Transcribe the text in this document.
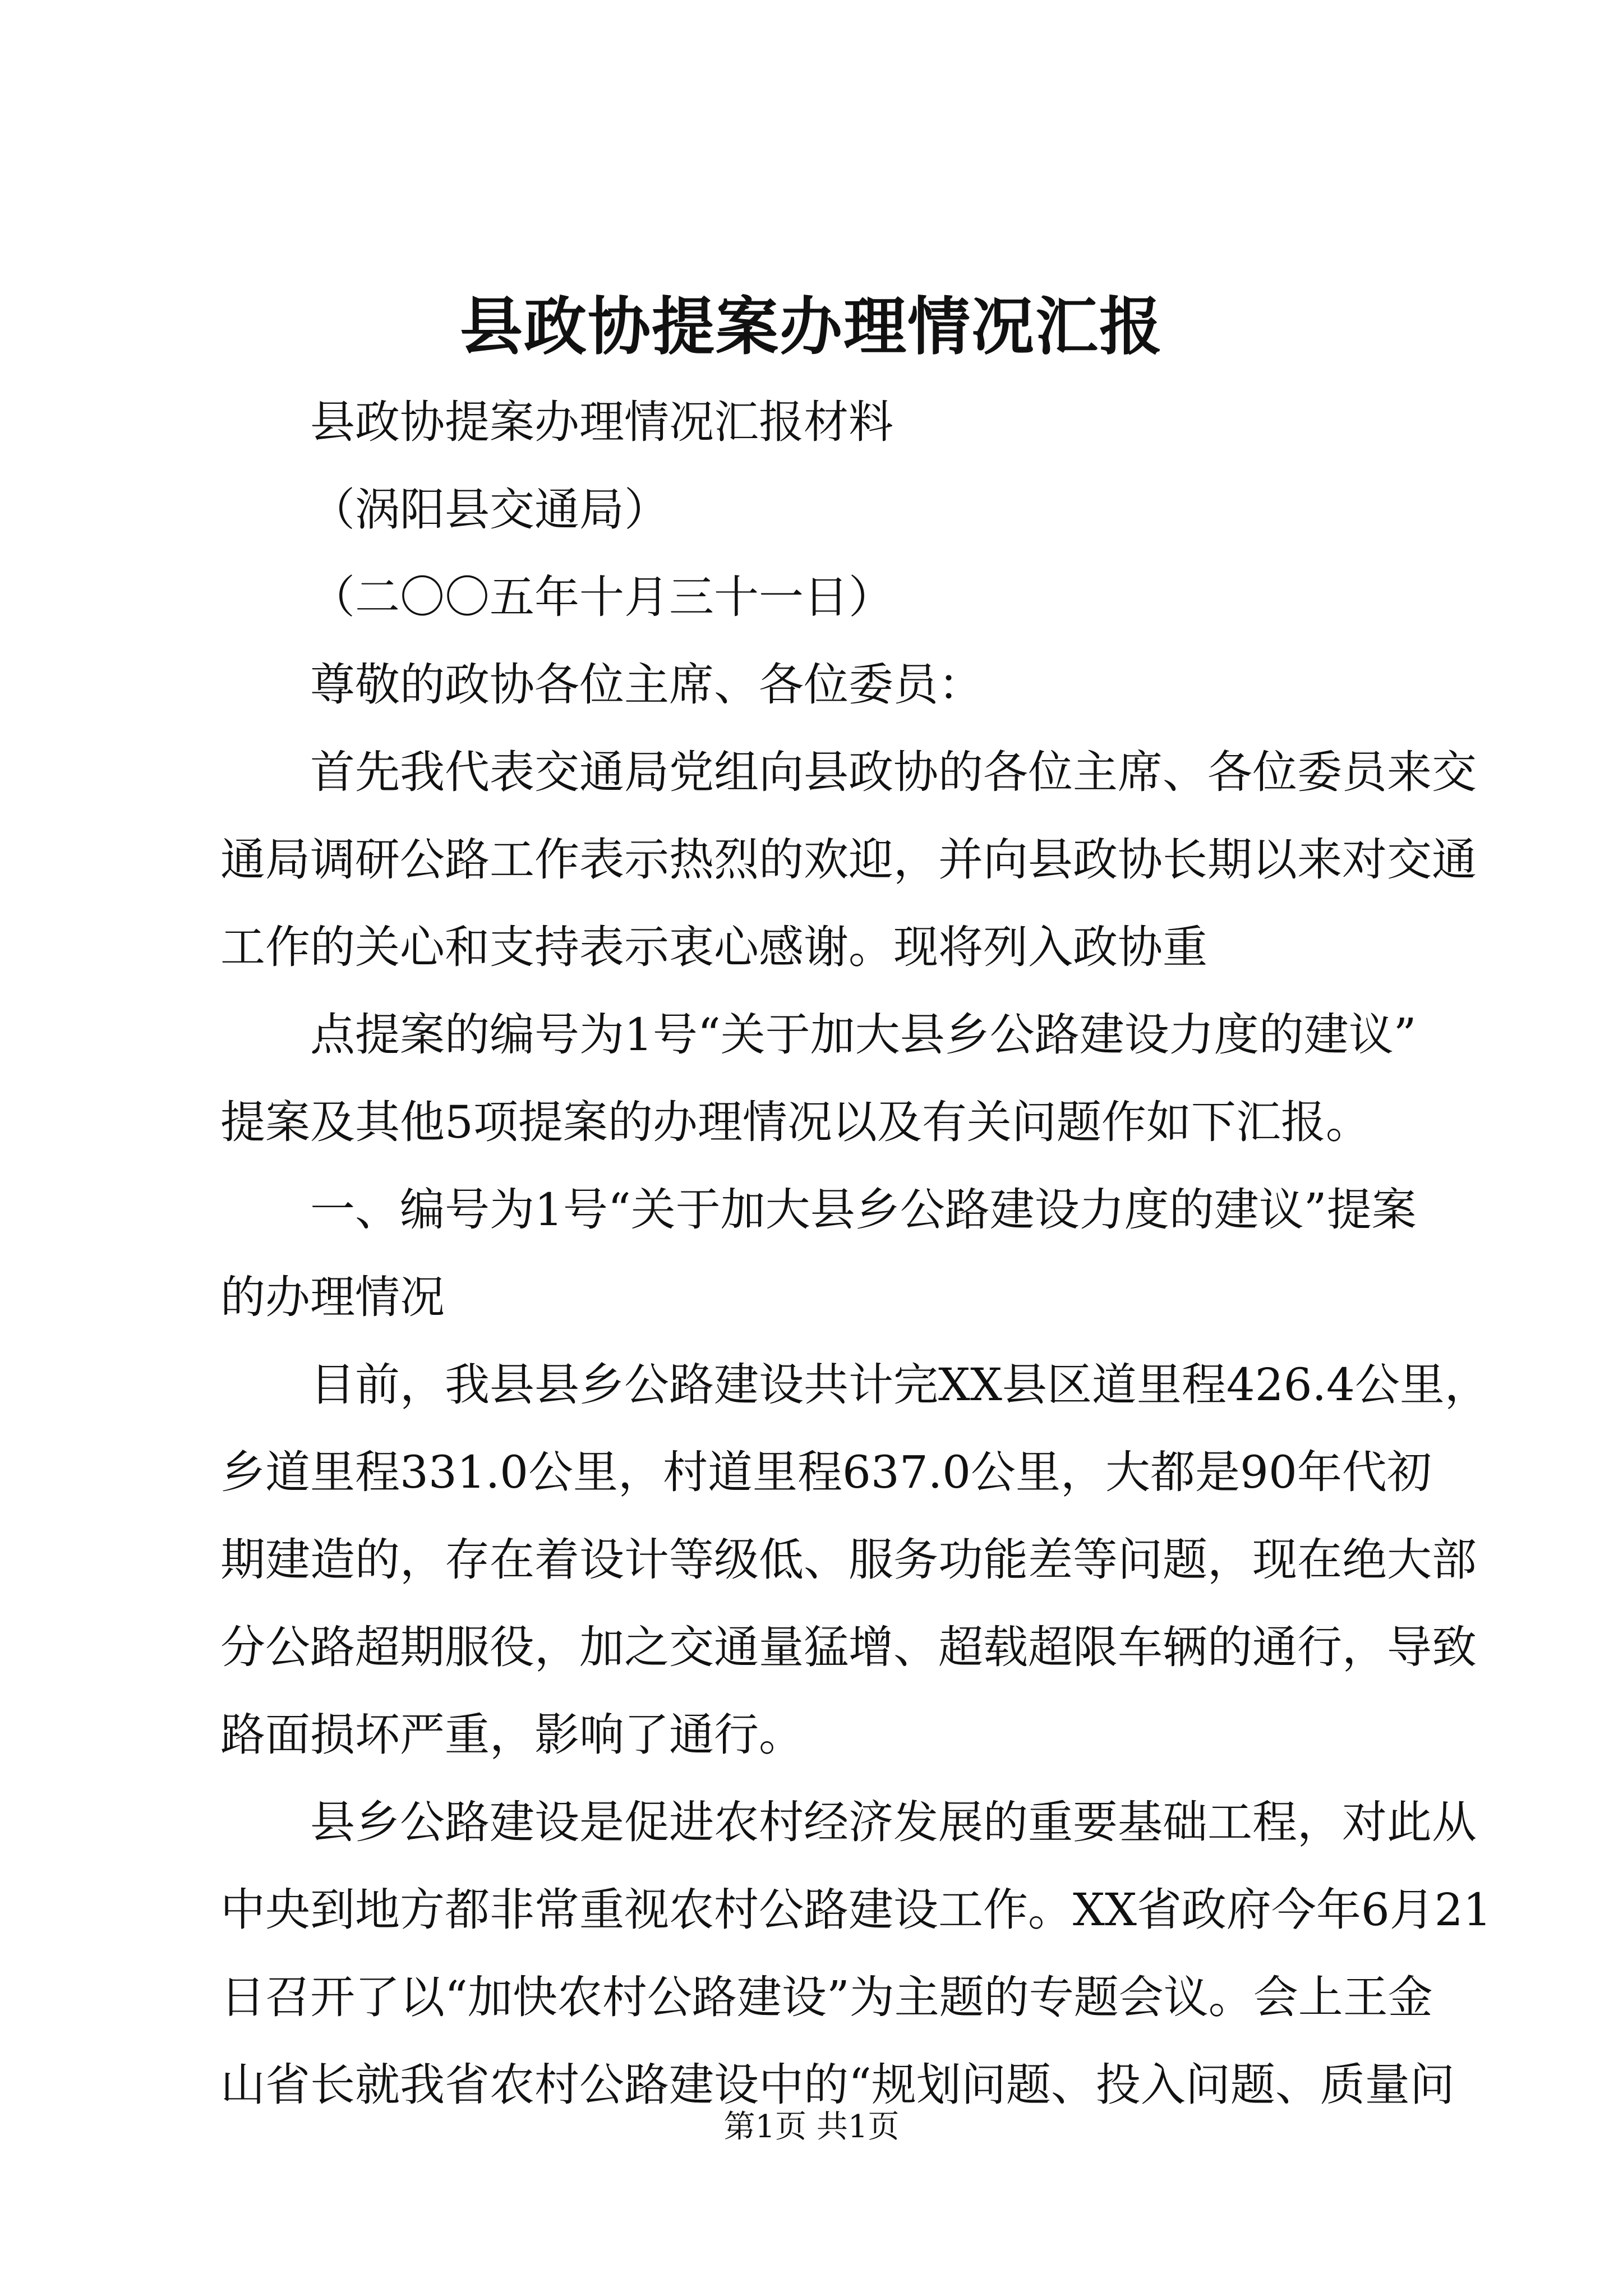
县政协提案办理情况汇报
县政协提案办理情况汇报材料
（涡阳县交通局）
（二〇〇五年十月三十一日）
尊敬的政协各位主席、各位委员：
首先我代表交通局党组向县政协的各位主席、各位委员来交
通局调研公路工作表示热烈的欢迎，并向县政协长期以来对交通
工作的关心和支持表示衷心感谢。现将列入政协重
点提案的编号为1号“关于加大县乡公路建设力度的建议”
提案及其他5项提案的办理情况以及有关问题作如下汇报。
一、编号为1号“关于加大县乡公路建设力度的建议”提案
的办理情况
目前，我县县乡公路建设共计完XX县区道里程426.4公里，
乡道里程331.0公里，村道里程637.0公里，大都是90年代初
期建造的，存在着设计等级低、服务功能差等问题，现在绝大部
分公路超期服役，加之交通量猛增、超载超限车辆的通行，导致
路面损坏严重，影响了通行。
县乡公路建设是促进农村经济发展的重要基础工程，对此从
中央到地方都非常重视农村公路建设工作。XX省政府今年6月21
日召开了以“加快农村公路建设”为主题的专题会议。会上王金
山省长就我省农村公路建设中的“规划问题、投入问题、质量问
第1页 共1页
